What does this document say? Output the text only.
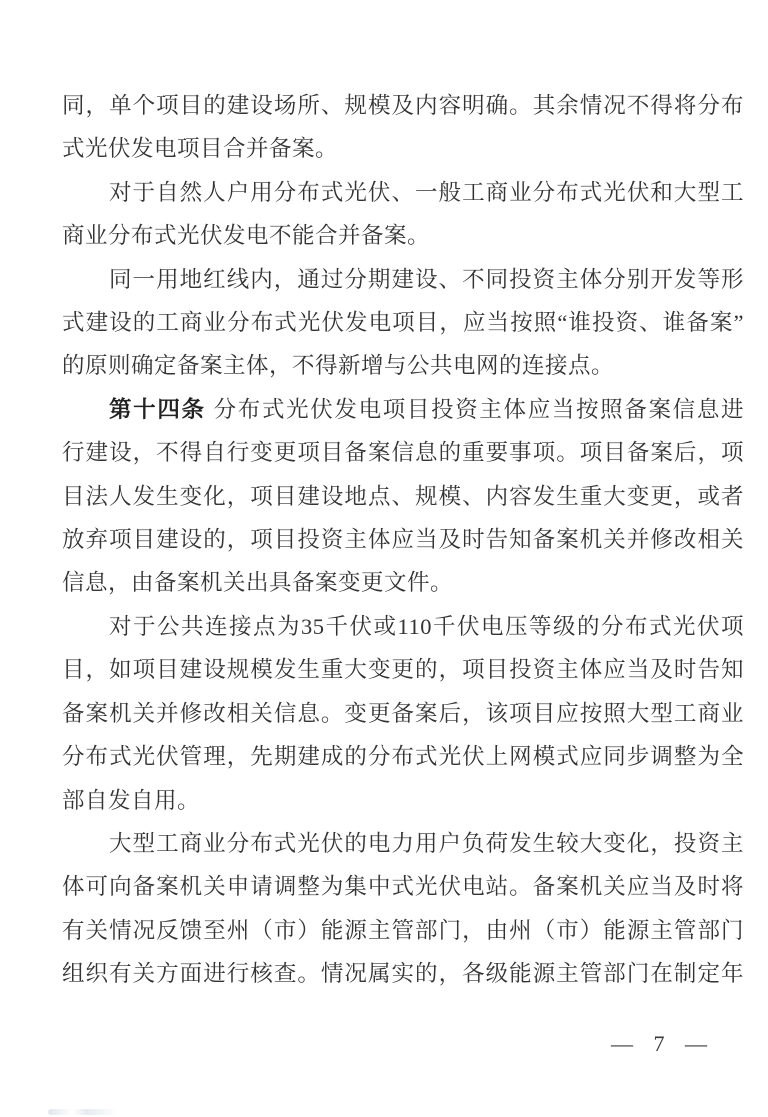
同，单个项目的建设场所、规模及内容明确。其余情况不得将分布
式光伏发电项目合并备案。
对于自然人户用分布式光伏、一般工商业分布式光伏和大型工
商业分布式光伏发电不能合并备案。
同一用地红线内，通过分期建设、不同投资主体分别开发等形
式建设的工商业分布式光伏发电项目，应当按照“谁投资、谁备案”
的原则确定备案主体，不得新增与公共电网的连接点。
第十四条 分布式光伏发电项目投资主体应当按照备案信息进
行建设，不得自行变更项目备案信息的重要事项。项目备案后，项
目法人发生变化，项目建设地点、规模、内容发生重大变更，或者
放弃项目建设的，项目投资主体应当及时告知备案机关并修改相关
信息，由备案机关出具备案变更文件。
对于公共连接点为35千伏或110千伏电压等级的分布式光伏项
目，如项目建设规模发生重大变更的，项目投资主体应当及时告知
备案机关并修改相关信息。变更备案后，该项目应按照大型工商业
分布式光伏管理，先期建成的分布式光伏上网模式应同步调整为全
部自发自用。
大型工商业分布式光伏的电力用户负荷发生较大变化，投资主
体可向备案机关申请调整为集中式光伏电站。备案机关应当及时将
有关情况反馈至州（市）能源主管部门，由州（市）能源主管部门
组织有关方面进行核查。情况属实的，各级能源主管部门在制定年
— 7 —
